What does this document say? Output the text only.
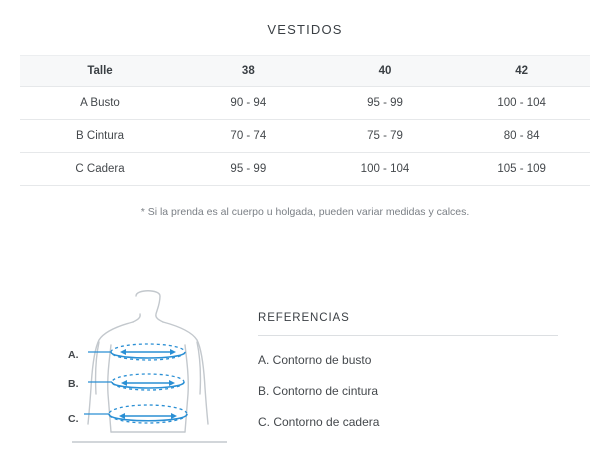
VESTIDOS
Talle	38	40	42
A Busto	90 - 94	95 - 99	100 - 104
B Cintura	70 - 74	75 - 79	80 - 84
C Cadera	95 - 99	100 - 104	105 - 109
* Si la prenda es al cuerpo u holgada, pueden variar medidas y calces.
A.
B.
C.
REFERENCIAS
A. Contorno de busto
B. Contorno de cintura
C. Contorno de cadera
